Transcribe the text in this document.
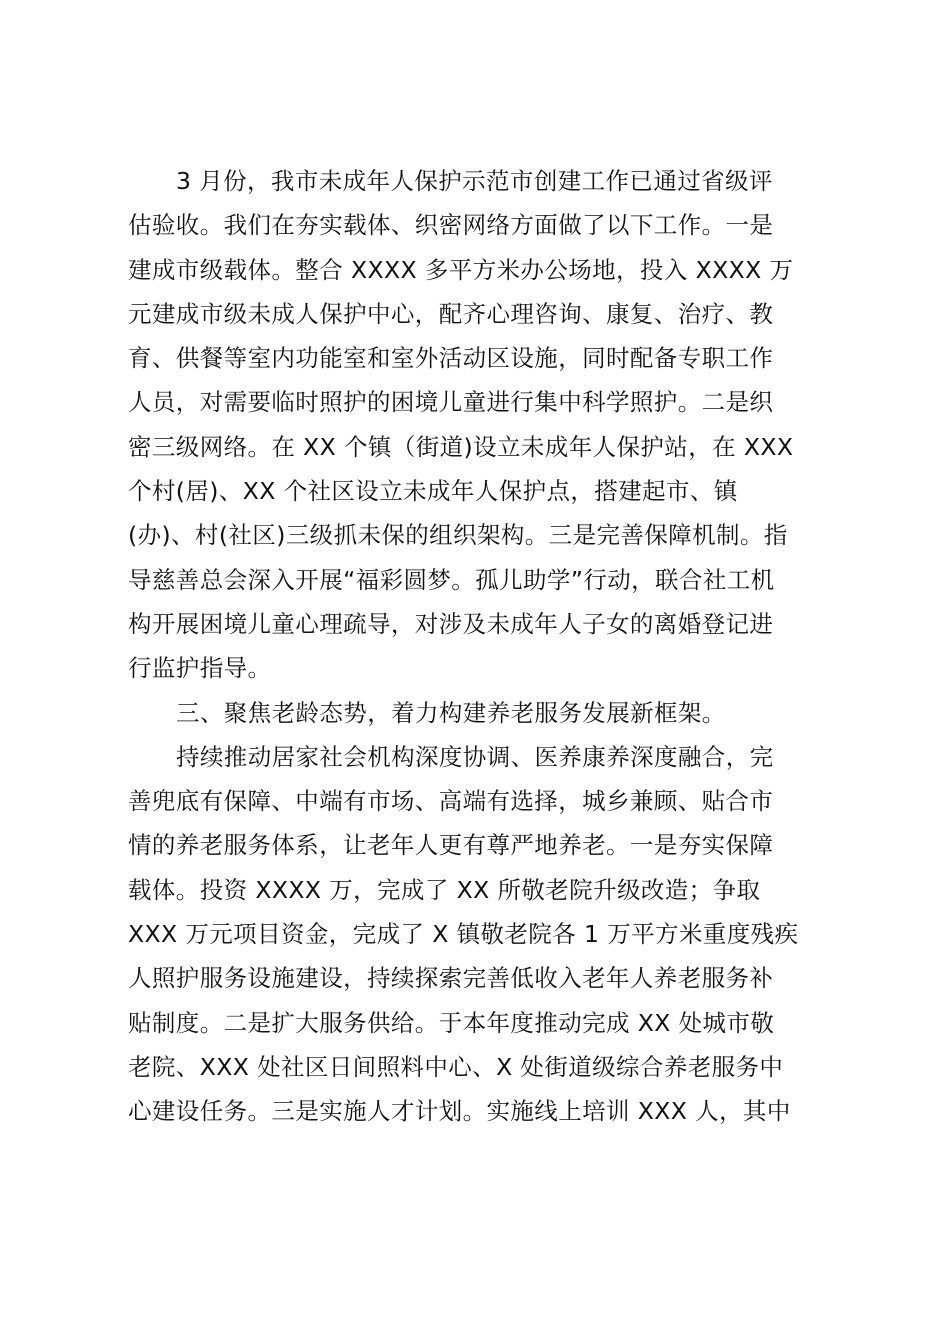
3 月份，我市未成年人保护示范市创建工作已通过省级评
估验收。我们在夯实载体、织密网络方面做了以下工作。一是
建成市级载体。整合 XXXX 多平方米办公场地，投入 XXXX 万
元建成市级未成人保护中心，配齐心理咨询、康复、治疗、教
育、供餐等室内功能室和室外活动区设施，同时配备专职工作
人员，对需要临时照护的困境儿童进行集中科学照护。二是织
密三级网络。在 XX 个镇（街道)设立未成年人保护站，在 XXX
个村(居)、XX 个社区设立未成年人保护点，搭建起市、镇
(办)、村(社区)三级抓未保的组织架构。三是完善保障机制。指
导慈善总会深入开展“福彩圆梦。孤儿助学”行动，联合社工机
构开展困境儿童心理疏导，对涉及未成年人子女的离婚登记进
行监护指导。
三、聚焦老龄态势，着力构建养老服务发展新框架。
持续推动居家社会机构深度协调、医养康养深度融合，完
善兜底有保障、中端有市场、高端有选择，城乡兼顾、贴合市
情的养老服务体系，让老年人更有尊严地养老。一是夯实保障
载体。投资 XXXX 万，完成了 XX 所敬老院升级改造；争取
XXX 万元项目资金，完成了 X 镇敬老院各 1 万平方米重度残疾
人照护服务设施建设，持续探索完善低收入老年人养老服务补
贴制度。二是扩大服务供给。于本年度推动完成 XX 处城市敬
老院、XXX 处社区日间照料中心、X 处街道级综合养老服务中
心建设任务。三是实施人才计划。实施线上培训 XXX 人，其中
